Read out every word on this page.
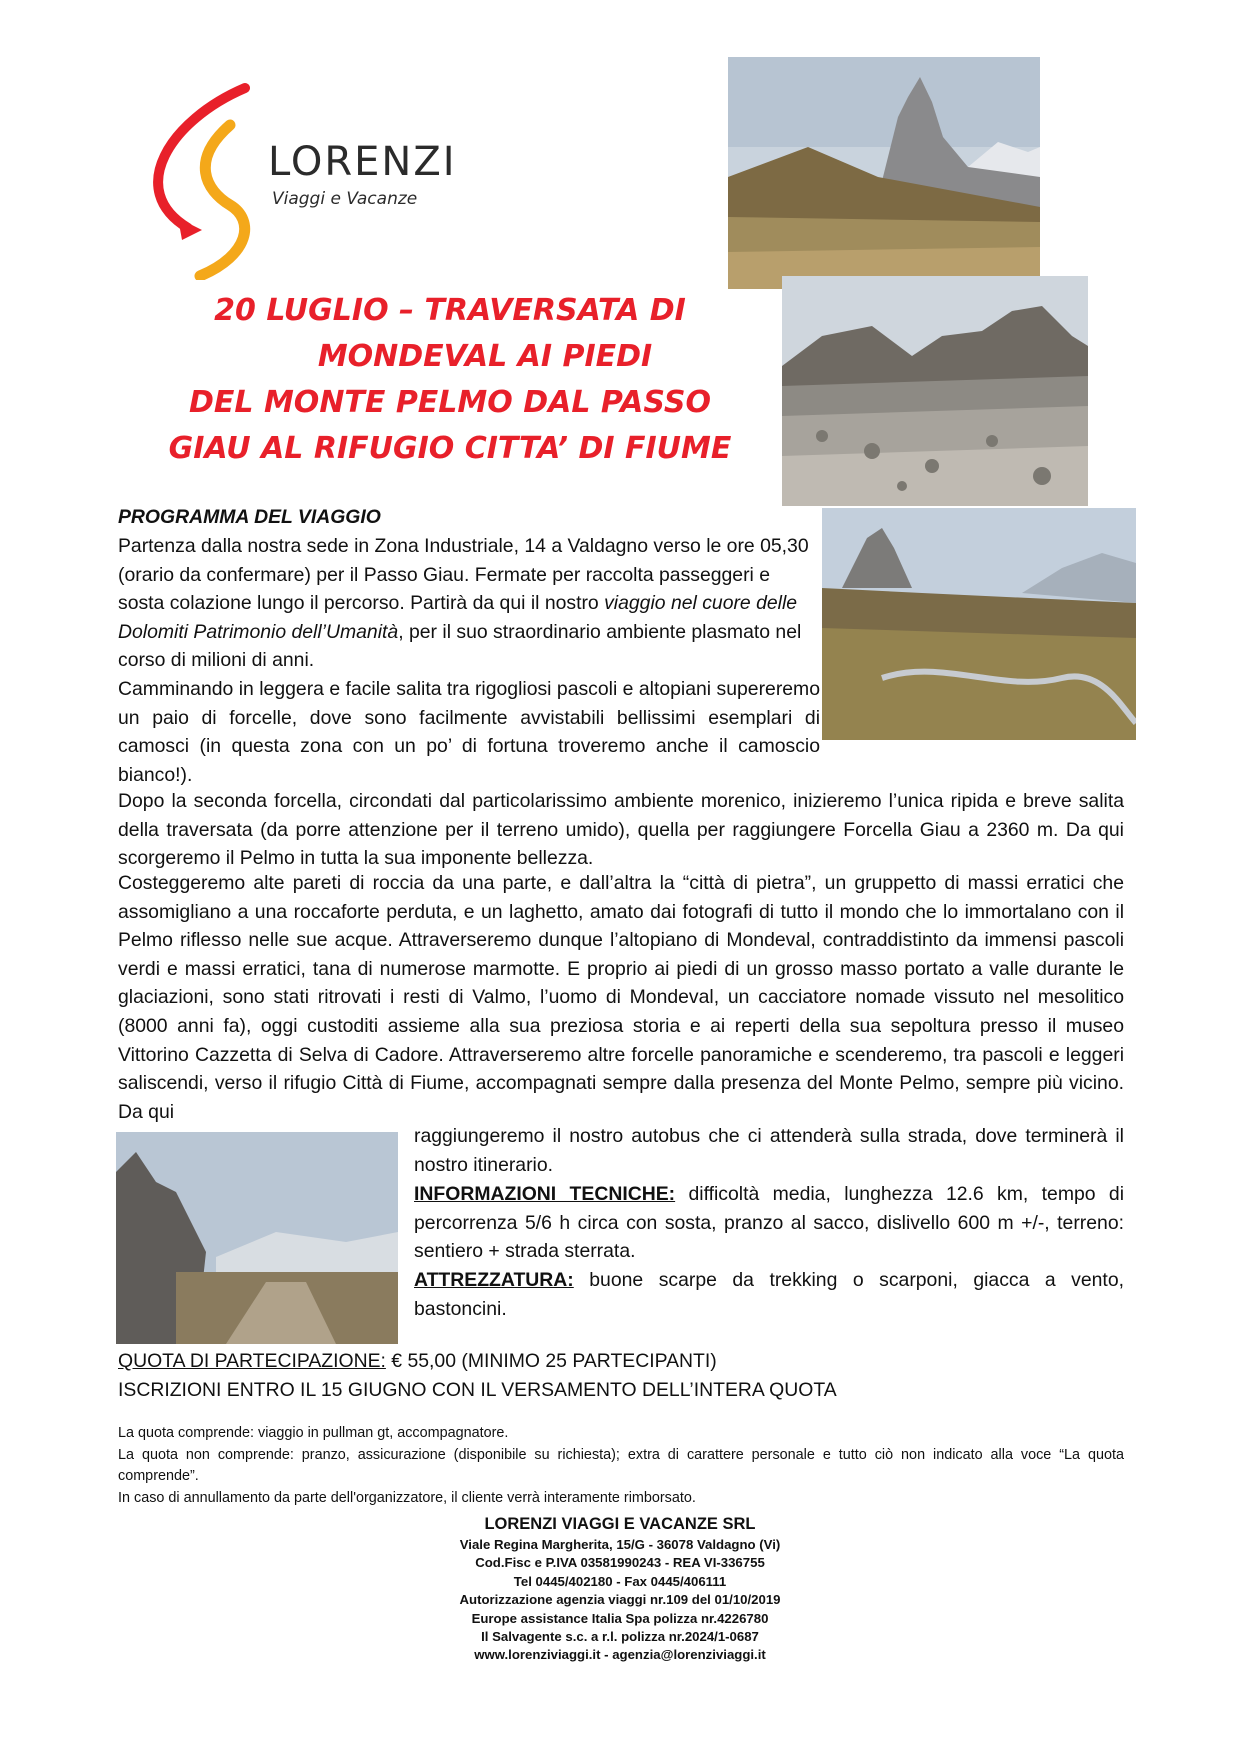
LORENZI
Viaggi e Vacanze
20 LUGLIO – TRAVERSATA DI
MONDEVAL AI PIEDI
DEL MONTE PELMO DAL PASSO
GIAU AL RIFUGIO CITTA’ DI FIUME
PROGRAMMA DEL VIAGGIO
Partenza dalla nostra sede in Zona Industriale, 14 a Valdagno verso le ore 05,30 (orario da confermare) per il Passo Giau. Fermate per raccolta passeggeri e sosta colazione lungo il percorso. Partirà da qui il nostro viaggio nel cuore delle Dolomiti Patrimonio dell’Umanità, per il suo straordinario ambiente plasmato nel corso di milioni di anni.
Camminando in leggera e facile salita tra rigogliosi pascoli e altopiani supereremo un paio di forcelle, dove sono facilmente avvistabili bellissimi esemplari di camosci (in questa zona con un po’ di fortuna troveremo anche il camoscio bianco!).
Dopo la seconda forcella, circondati dal particolarissimo ambiente morenico, inizieremo l’unica ripida e breve salita della traversata (da porre attenzione per il terreno umido), quella per raggiungere Forcella Giau a 2360 m. Da qui scorgeremo il Pelmo in tutta la sua imponente bellezza.
Costeggeremo alte pareti di roccia da una parte, e dall’altra la “città di pietra”, un gruppetto di massi erratici che assomigliano a una roccaforte perduta, e un laghetto, amato dai fotografi di tutto il mondo che lo immortalano con il Pelmo riflesso nelle sue acque. Attraverseremo dunque l’altopiano di Mondeval, contraddistinto da immensi pascoli verdi e massi erratici, tana di numerose marmotte. E proprio ai piedi di un grosso masso portato a valle durante le glaciazioni, sono stati ritrovati i resti di Valmo, l’uomo di Mondeval, un cacciatore nomade vissuto nel mesolitico (8000 anni fa), oggi custoditi assieme alla sua preziosa storia e ai reperti della sua sepoltura presso il museo Vittorino Cazzetta di Selva di Cadore. Attraverseremo altre forcelle panoramiche e scenderemo, tra pascoli e leggeri saliscendi, verso il rifugio Città di Fiume, accompagnati sempre dalla presenza del Monte Pelmo, sempre più vicino. Da qui
raggiungeremo il nostro autobus che ci attenderà sulla strada, dove terminerà il nostro itinerario.
INFORMAZIONI TECNICHE: difficoltà media, lunghezza 12.6 km, tempo di percorrenza 5/6 h circa con sosta, pranzo al sacco, dislivello 600 m +/-, terreno: sentiero + strada sterrata.
ATTREZZATURA: buone scarpe da trekking o scarponi, giacca a vento, bastoncini.
QUOTA DI PARTECIPAZIONE: € 55,00 (MINIMO 25 PARTECIPANTI)
ISCRIZIONI ENTRO IL 15 GIUGNO CON IL VERSAMENTO DELL’INTERA QUOTA
La quota comprende: viaggio in pullman gt, accompagnatore.
La quota non comprende: pranzo, assicurazione (disponibile su richiesta); extra di carattere personale e tutto ciò non indicato alla voce “La quota comprende”.
In caso di annullamento da parte dell'organizzatore, il cliente verrà interamente rimborsato.
LORENZI VIAGGI E VACANZE SRL
Viale Regina Margherita, 15/G - 36078 Valdagno (Vi)
Cod.Fisc e P.IVA 03581990243 - REA VI-336755
Tel 0445/402180 - Fax 0445/406111
Autorizzazione agenzia viaggi nr.109 del 01/10/2019
Europe assistance Italia Spa polizza nr.4226780
Il Salvagente s.c. a r.l. polizza nr.2024/1-0687
www.lorenziviaggi.it - agenzia@lorenziviaggi.it
